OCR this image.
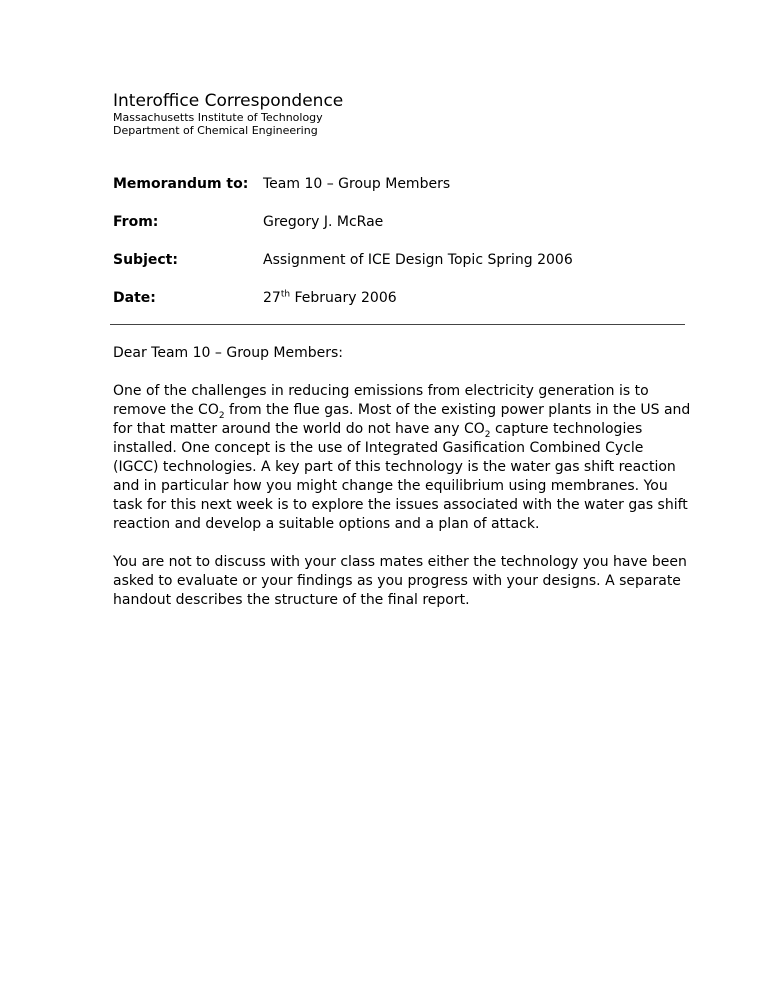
Interoffice Correspondence
Massachusetts Institute of Technology
Department of Chemical Engineering
Memorandum to:	Team 10 – Group Members
From:	Gregory J. McRae
Subject:	Assignment of ICE Design Topic Spring 2006
Date:	27th February 2006

Dear Team 10 – Group Members:

One of the challenges in reducing emissions from electricity generation is to remove the $CO_2$ from the flue gas. Most of the existing power plants in the US and for that matter around the world do not have any $CO_2$ capture technologies installed. One concept is the use of Integrated Gasification Combined Cycle (IGCC) technologies. A key part of this technology is the water gas shift reaction and in particular how you might change the equilibrium using membranes. You task for this next week is to explore the issues associated with the water gas shift reaction and develop a suitable options and a plan of attack.

You are not to discuss with your class mates either the technology you have been asked to evaluate or your findings as you progress with your designs. A separate handout describes the structure of the final report.
